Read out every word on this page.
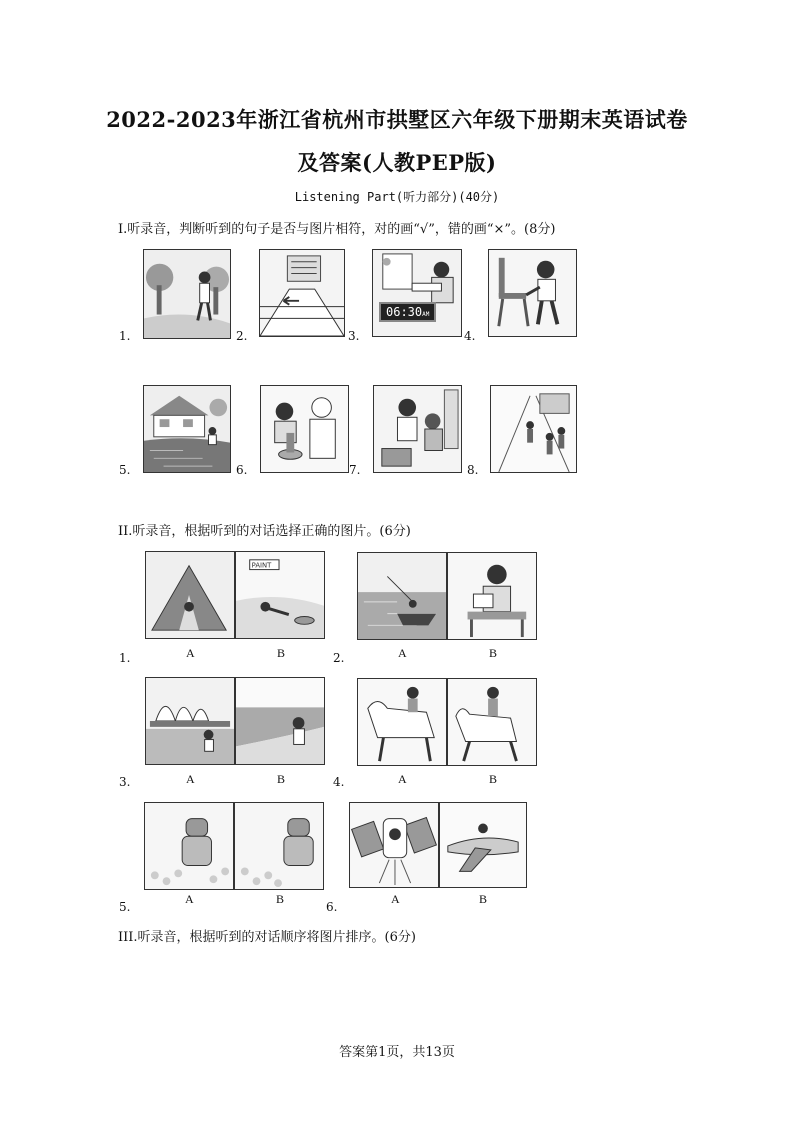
2022-2023年浙江省杭州市拱墅区六年级下册期末英语试卷
及答案(人教PEP版)
Listening Part(听力部分)(40分)
I.听录音，判断听到的句子是否与图片相符，对的画“√”，错的画“×”。(8分)
1.	2.
06:30AM
3.	4.
5.	6.	7.	8.
II.听录音，根据听到的对话选择正确的图片。(6分)
PAINT
1.	A	B	2.	A	B
3.	A	B	4.	A	B
5.
A	B
6.
A	B
III.听录音，根据听到的对话顺序将图片排序。(6分)
答案第1页，共13页
